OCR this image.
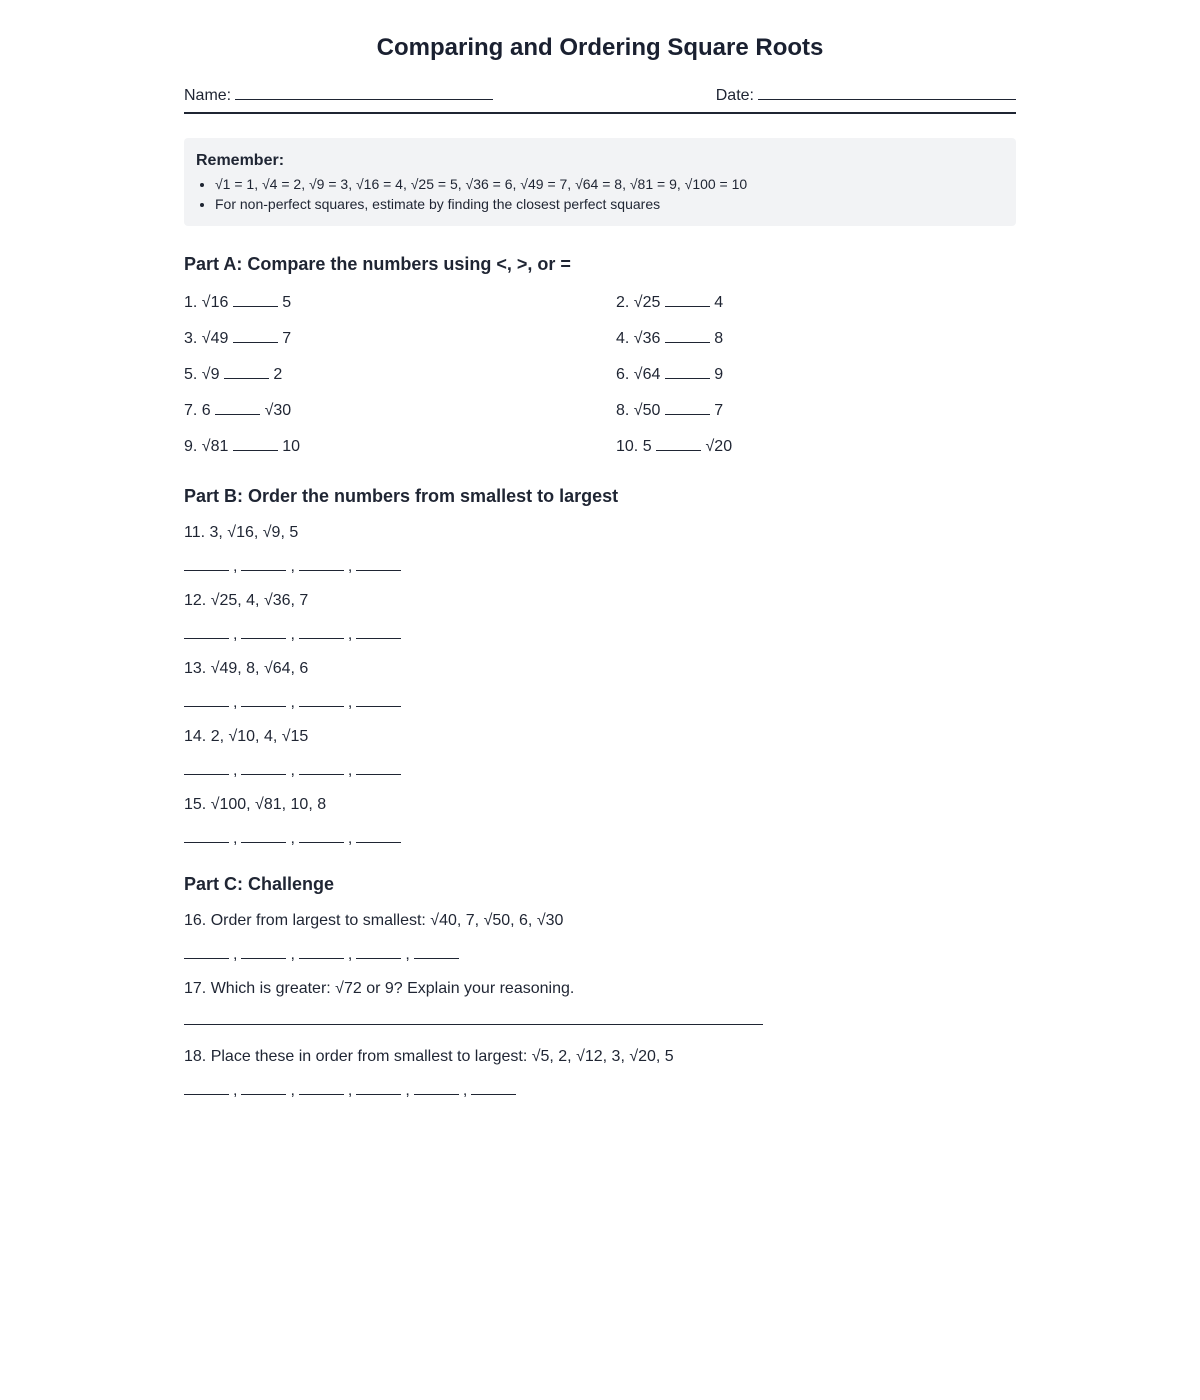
Comparing and Ordering Square Roots
Name:	Date:
Remember:
• √1 = 1, √4 = 2, √9 = 3, √16 = 4, √25 = 5, √36 = 6, √49 = 7, √64 = 8, √81 = 9, √100 = 10
• For non-perfect squares, estimate by finding the closest perfect squares
Part A: Compare the numbers using <, >, or =
1. √16	5	2. √25	4
3. √49	7	4. √36	8
5. √9	2	6. √64	9
7. 6	√30	8. √50	7
9. √81	10	10. 5	√20
Part B: Order the numbers from smallest to largest
11. 3, √16, √9, 5
,	,	,
12. √25, 4, √36, 7
,	,	,
13. √49, 8, √64, 6
,	,	,
14. 2, √10, 4, √15
,	,	,
15. √100, √81, 10, 8
,	,	,
Part C: Challenge
16. Order from largest to smallest: √40, 7, √50, 6, √30
,	,	,	,
17. Which is greater: √72 or 9? Explain your reasoning.
18. Place these in order from smallest to largest: √5, 2, √12, 3, √20, 5
,	,	,	,	,
